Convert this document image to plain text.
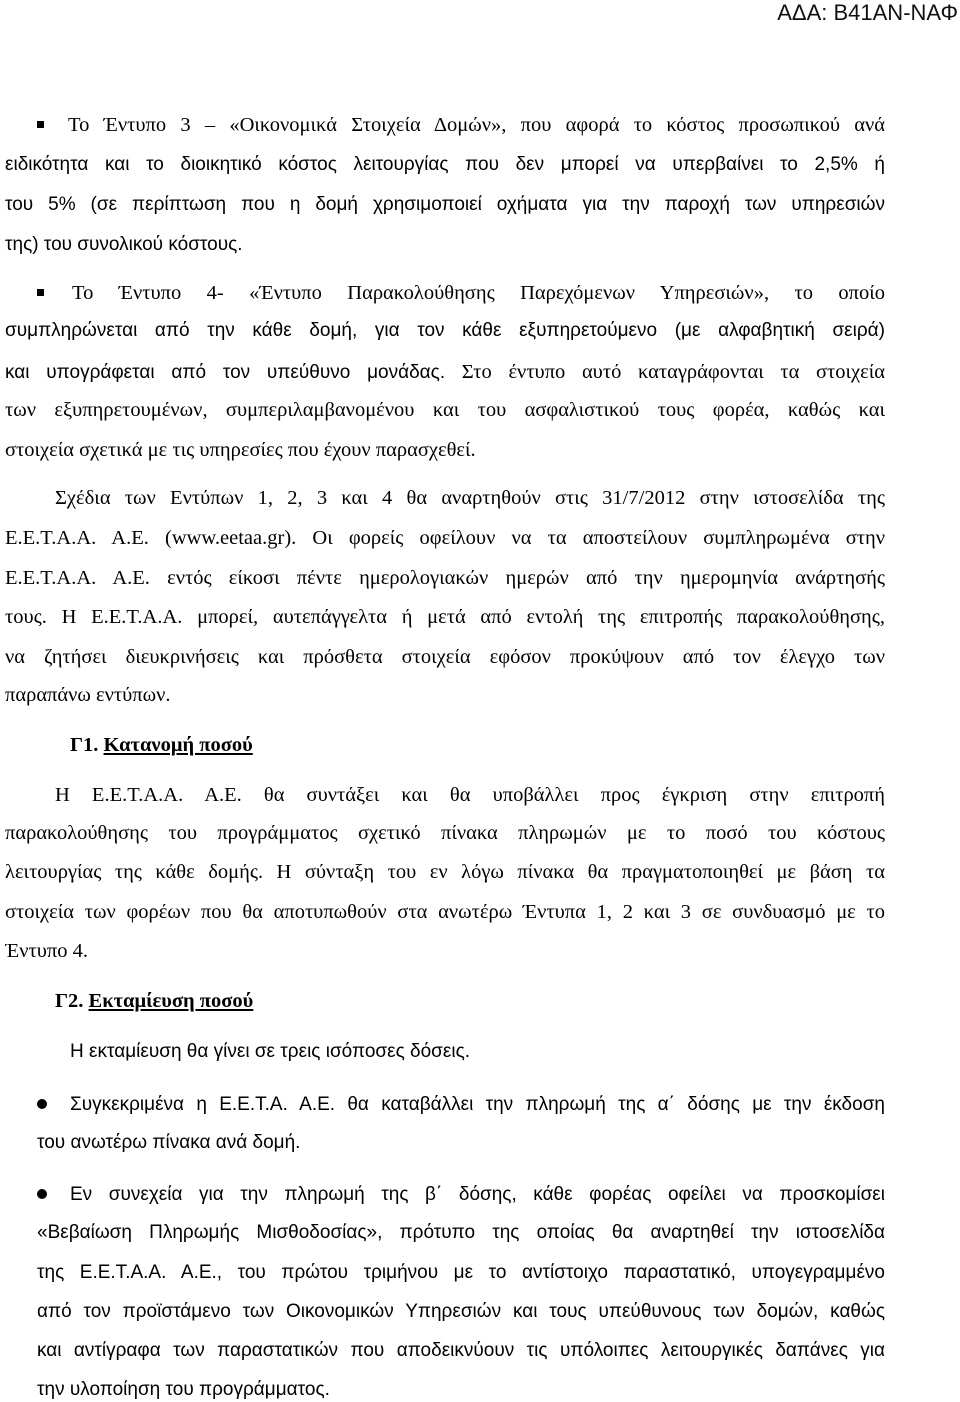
ΑΔΑ: Β41ΑΝ-ΝΑΦ
Το Έντυπο 3 – «Οικονομικά Στοιχεία Δομών», που αφορά το κόστος προσωπικού ανά
ειδικότητα και το διοικητικό κόστος λειτουργίας που δεν μπορεί να υπερβαίνει το 2,5% ή
του 5% (σε περίπτωση που η δομή χρησιμοποιεί οχήματα για την παροχή των υπηρεσιών
της) του συνολικού κόστους.
Το Έντυπο 4- «Έντυπο Παρακολούθησης Παρεχόμενων Υπηρεσιών», το οποίο
συμπληρώνεται από την κάθε δομή, για τον κάθε εξυπηρετούμενο (με αλφαβητική σειρά)
και υπογράφεται από τον υπεύθυνο μονάδας. Στο έντυπο αυτό καταγράφονται τα στοιχεία
των εξυπηρετουμένων, συμπεριλαμβανομένου και του ασφαλιστικού τους φορέα, καθώς και
στοιχεία σχετικά με τις υπηρεσίες που έχουν παρασχεθεί.
Σχέδια των Εντύπων 1, 2, 3 και 4 θα αναρτηθούν στις 31/7/2012 στην ιστοσελίδα της
Ε.Ε.Τ.Α.Α. Α.Ε. (www.eetaa.gr). Οι φορείς οφείλουν να τα αποστείλουν συμπληρωμένα στην
Ε.Ε.Τ.Α.Α. Α.Ε. εντός είκοσι πέντε ημερολογιακών ημερών από την ημερομηνία ανάρτησής
τους. Η Ε.Ε.Τ.Α.Α. μπορεί, αυτεπάγγελτα ή μετά από εντολή της επιτροπής παρακολούθησης,
να ζητήσει διευκρινήσεις και πρόσθετα στοιχεία εφόσον προκύψουν από τον έλεγχο των
παραπάνω εντύπων.
Γ1. Κατανομή ποσού
Η Ε.Ε.Τ.Α.Α. Α.Ε. θα συντάξει και θα υποβάλλει προς έγκριση στην επιτροπή
παρακολούθησης του προγράμματος σχετικό πίνακα πληρωμών με το ποσό του κόστους
λειτουργίας της κάθε δομής. Η σύνταξη του εν λόγω πίνακα θα πραγματοποιηθεί με βάση τα
στοιχεία των φορέων που θα αποτυπωθούν στα ανωτέρω Έντυπα 1, 2 και 3 σε συνδυασμό με το
Έντυπο 4.
Γ2. Εκταμίευση ποσού
Η εκταμίευση θα γίνει σε τρεις ισόποσες δόσεις.
Συγκεκριμένα η Ε.Ε.Τ.Α. Α.Ε. θα καταβάλλει την πληρωμή της α΄ δόσης με την έκδοση
του ανωτέρω πίνακα ανά δομή.
Εν συνεχεία για την πληρωμή της β΄ δόσης, κάθε φορέας οφείλει να προσκομίσει
«Βεβαίωση Πληρωμής Μισθοδοσίας», πρότυπο της οποίας θα αναρτηθεί την ιστοσελίδα
της Ε.Ε.Τ.Α.Α. Α.Ε., του πρώτου τριμήνου με το αντίστοιχο παραστατικό, υπογεγραμμένο
από τον προϊστάμενο των Οικονομικών Υπηρεσιών και τους υπεύθυνους των δομών, καθώς
και αντίγραφα των παραστατικών που αποδεικνύουν τις υπόλοιπες λειτουργικές δαπάνες για
την υλοποίηση του προγράμματος.
